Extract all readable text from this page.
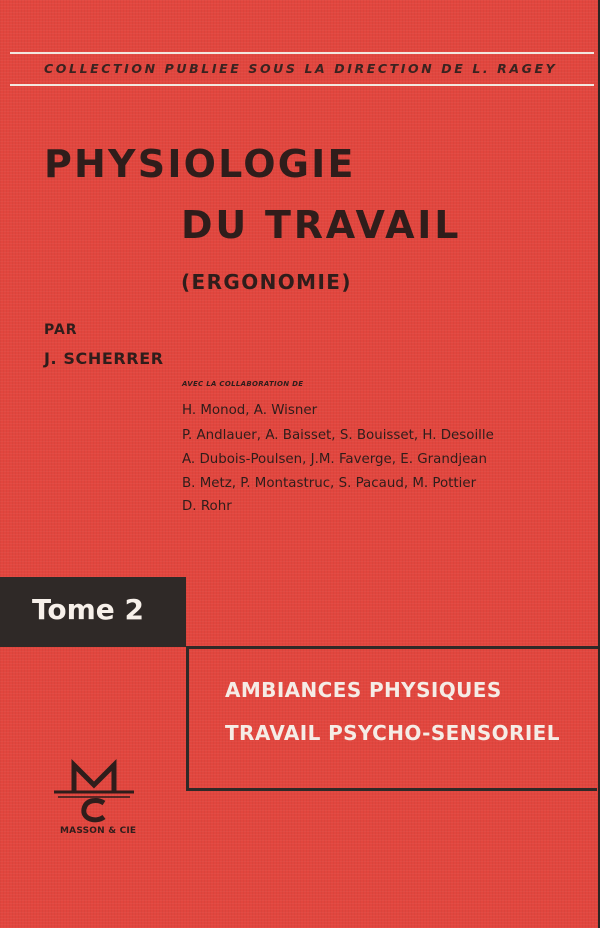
COLLECTION PUBLIEE SOUS LA DIRECTION DE L. RAGEY
PHYSIOLOGIE
DU TRAVAIL
(ERGONOMIE)
PAR
J. SCHERRER
AVEC LA COLLABORATION DE
H. Monod, A. Wisner
P. Andlauer, A. Baisset, S. Bouisset, H. Desoille
A. Dubois-Poulsen, J.M. Faverge, E. Grandjean
B. Metz, P. Montastruc, S. Pacaud, M. Pottier
D. Rohr
Tome 2
AMBIANCES PHYSIQUES
TRAVAIL PSYCHO-SENSORIEL
MASSON & CIE
